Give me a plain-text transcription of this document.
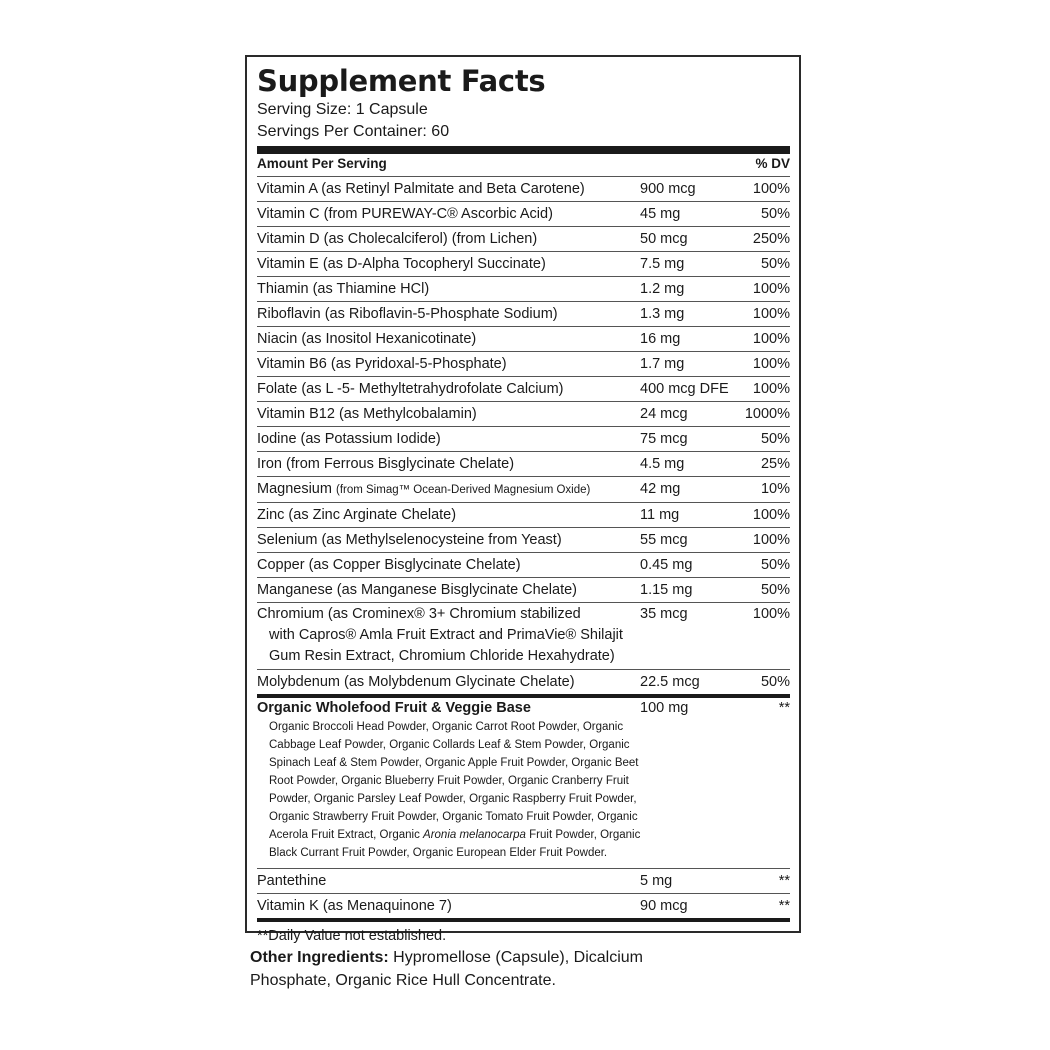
Supplement Facts
Serving Size: 1 Capsule
Servings Per Container: 60
Amount Per Serving	% DV
Vitamin A (as Retinyl Palmitate and Beta Carotene)	900 mcg	100%
Vitamin C (from PUREWAY-C® Ascorbic Acid)	45 mg	50%
Vitamin D (as Cholecalciferol) (from Lichen)	50 mcg	250%
Vitamin E (as D-Alpha Tocopheryl Succinate)	7.5 mg	50%
Thiamin (as Thiamine HCl)	1.2 mg	100%
Riboflavin (as Riboflavin-5-Phosphate Sodium)	1.3 mg	100%
Niacin (as Inositol Hexanicotinate)	16 mg	100%
Vitamin B6 (as Pyridoxal-5-Phosphate)	1.7 mg	100%
Folate (as L -5- Methyltetrahydrofolate Calcium)	400 mcg DFE	100%
Vitamin B12 (as Methylcobalamin)	24 mcg	1000%
Iodine (as Potassium Iodide)	75 mcg	50%
Iron (from Ferrous Bisglycinate Chelate)	4.5 mg	25%
Magnesium (from Simag™ Ocean-Derived Magnesium Oxide)	42 mg	10%
Zinc (as Zinc Arginate Chelate)	11 mg	100%
Selenium (as Methylselenocysteine from Yeast)	55 mcg	100%
Copper (as Copper Bisglycinate Chelate)	0.45 mg	50%
Manganese (as Manganese Bisglycinate Chelate)	1.15 mg	50%
Chromium (as Crominex® 3+ Chromium stabilized
with Capros® Amla Fruit Extract and PrimaVie® Shilajit
Gum Resin Extract, Chromium Chloride Hexahydrate)
35 mcg	100%
Molybdenum (as Molybdenum Glycinate Chelate)	22.5 mcg	50%
Organic Wholefood Fruit & Veggie Base	100 mg	**
Organic Broccoli Head Powder, Organic Carrot Root Powder, Organic Cabbage Leaf Powder, Organic Collards Leaf & Stem Powder, Organic Spinach Leaf & Stem Powder, Organic Apple Fruit Powder, Organic Beet Root Powder, Organic Blueberry Fruit Powder, Organic Cranberry Fruit Powder, Organic Parsley Leaf Powder, Organic Raspberry Fruit Powder, Organic Strawberry Fruit Powder, Organic Tomato Fruit Powder, Organic Acerola Fruit Extract, Organic Aronia melanocarpa Fruit Powder, Organic Black Currant Fruit Powder, Organic European Elder Fruit Powder.
Pantethine	5 mg	**
Vitamin K (as Menaquinone 7)	90 mcg	**
**Daily Value not established.
Other Ingredients: Hypromellose (Capsule), Dicalcium Phosphate, Organic Rice Hull Concentrate.
